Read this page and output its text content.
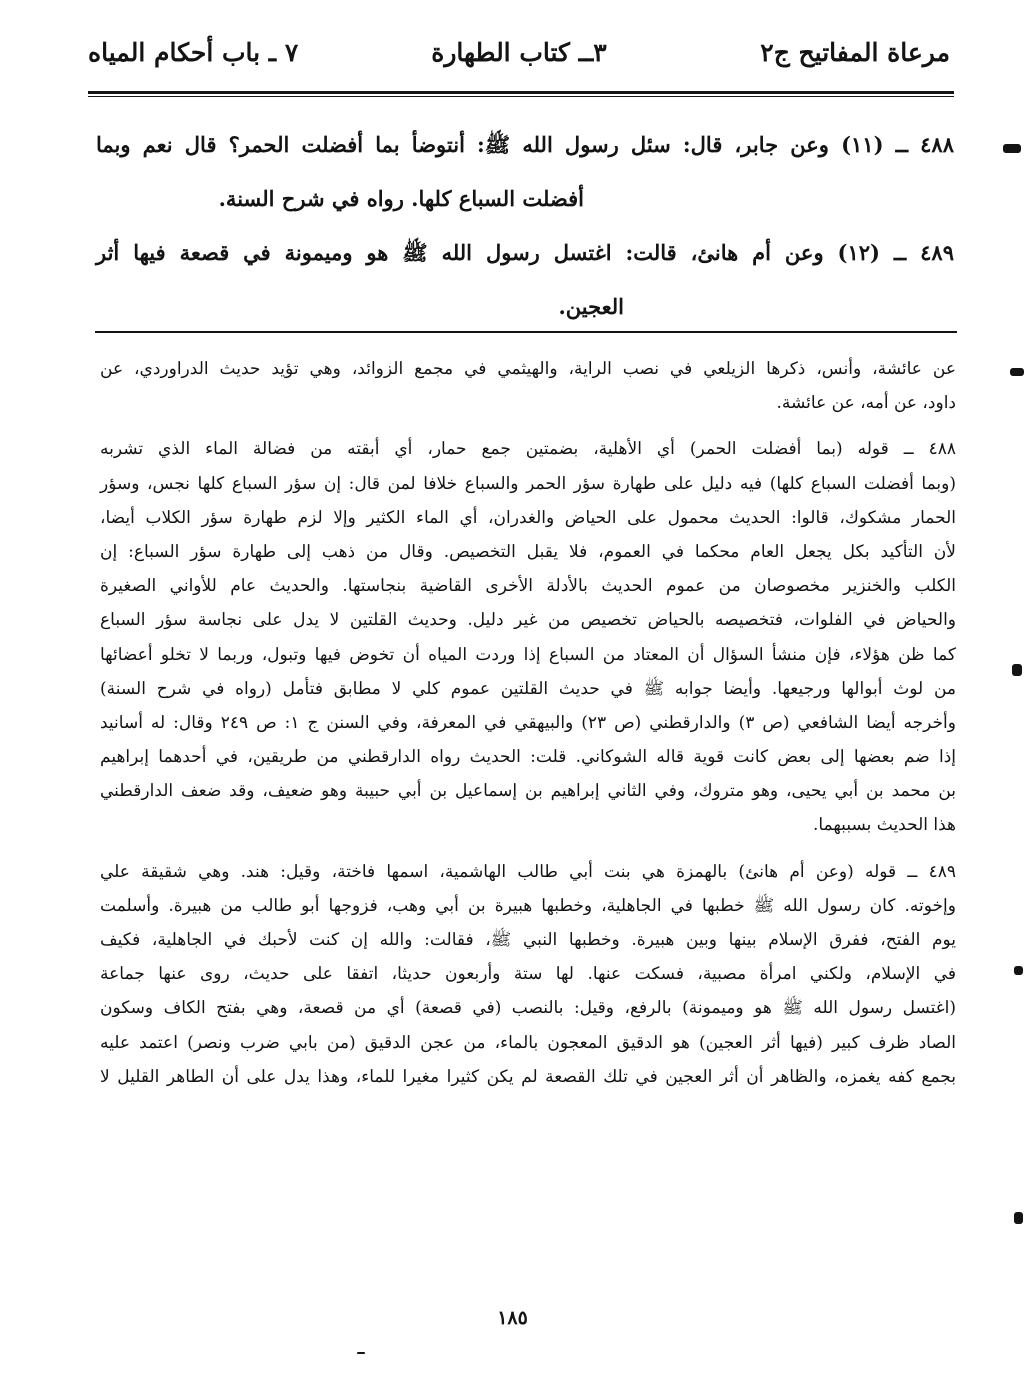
مرعاة المفاتيح ج٢
٣ــ كتاب الطهارة
٧ ـ باب أحكام المياه
٤٨٨ ــ (١١) وعن جابر، قال: سئل رسول الله ﷺ: أنتوضأ بما أفضلت الحمر؟ قال نعم وبما
أفضلت السباع كلها. رواه في شرح السنة.
٤٨٩ ــ (١٢) وعن أم هانئ، قالت: اغتسل رسول الله ﷺ هو وميمونة في قصعة فيها أثر
العجين.
عن عائشة، وأنس، ذكرها الزيلعي في نصب الراية، والهيثمي في مجمع الزوائد، وهي تؤيد حديث الدراوردي، عن
داود، عن أمه، عن عائشة.
٤٨٨ ــ قوله (بما أفضلت الحمر) أي الأهلية، بضمتين جمع حمار، أي أبقته من فضالة الماء الذي تشربه
(وبما أفضلت السباع كلها) فيه دليل على طهارة سؤر الحمر والسباع خلافا لمن قال: إن سؤر السباع كلها نجس، وسؤر
الحمار مشكوك، قالوا: الحديث محمول على الحياض والغدران، أي الماء الكثير وإلا لزم طهارة سؤر الكلاب أيضا،
لأن التأكيد بكل يجعل العام محكما في العموم، فلا يقبل التخصيص. وقال من ذهب إلى طهارة سؤر السباع: إن
الكلب والخنزير مخصوصان من عموم الحديث بالأدلة الأخرى القاضية بنجاستها. والحديث عام للأواني الصغيرة
والحياض في الفلوات، فتخصيصه بالحياض تخصيص من غير دليل. وحديث القلتين لا يدل على نجاسة سؤر السباع
كما ظن هؤلاء، فإن منشأ السؤال أن المعتاد من السباع إذا وردت المياه أن تخوض فيها وتبول، وربما لا تخلو أعضائها
من لوث أبوالها ورجيعها. وأيضا جوابه ﷺ في حديث القلتين عموم كلي لا مطابق فتأمل (رواه في شرح السنة)
وأخرجه أيضا الشافعي (ص ٣) والدارقطني (ص ٢٣) والبيهقي في المعرفة، وفي السنن ج ١: ص ٢٤٩ وقال: له أسانيد
إذا ضم بعضها إلى بعض كانت قوية قاله الشوكاني. قلت: الحديث رواه الدارقطني من طريقين، في أحدهما إبراهيم
بن محمد بن أبي يحيى، وهو متروك، وفي الثاني إبراهيم بن إسماعيل بن أبي حبيبة وهو ضعيف، وقد ضعف الدارقطني
هذا الحديث بسببهما.
٤٨٩ ــ قوله (وعن أم هانئ) بالهمزة هي بنت أبي طالب الهاشمية، اسمها فاختة، وقيل: هند. وهي شقيقة علي
وإخوته. كان رسول الله ﷺ خطبها في الجاهلية، وخطبها هبيرة بن أبي وهب، فزوجها أبو طالب من هبيرة. وأسلمت
يوم الفتح، ففرق الإسلام بينها وبين هبيرة. وخطبها النبي ﷺ، فقالت: والله إن كنت لأحبك في الجاهلية، فكيف
في الإسلام، ولكني امرأة مصبية، فسكت عنها. لها ستة وأربعون حديثا، اتفقا على حديث، روى عنها جماعة
(اغتسل رسول الله ﷺ هو وميمونة) بالرفع، وقيل: بالنصب (في قصعة) أي من قصعة، وهي بفتح الكاف وسكون
الصاد ظرف كبير (فيها أثر العجين) هو الدقيق المعجون بالماء، من عجن الدقيق (من بابي ضرب ونصر) اعتمد عليه
بجمع كفه يغمزه، والظاهر أن أثر العجين في تلك القصعة لم يكن كثيرا مغيرا للماء، وهذا يدل على أن الطاهر القليل لا
١٨٥
